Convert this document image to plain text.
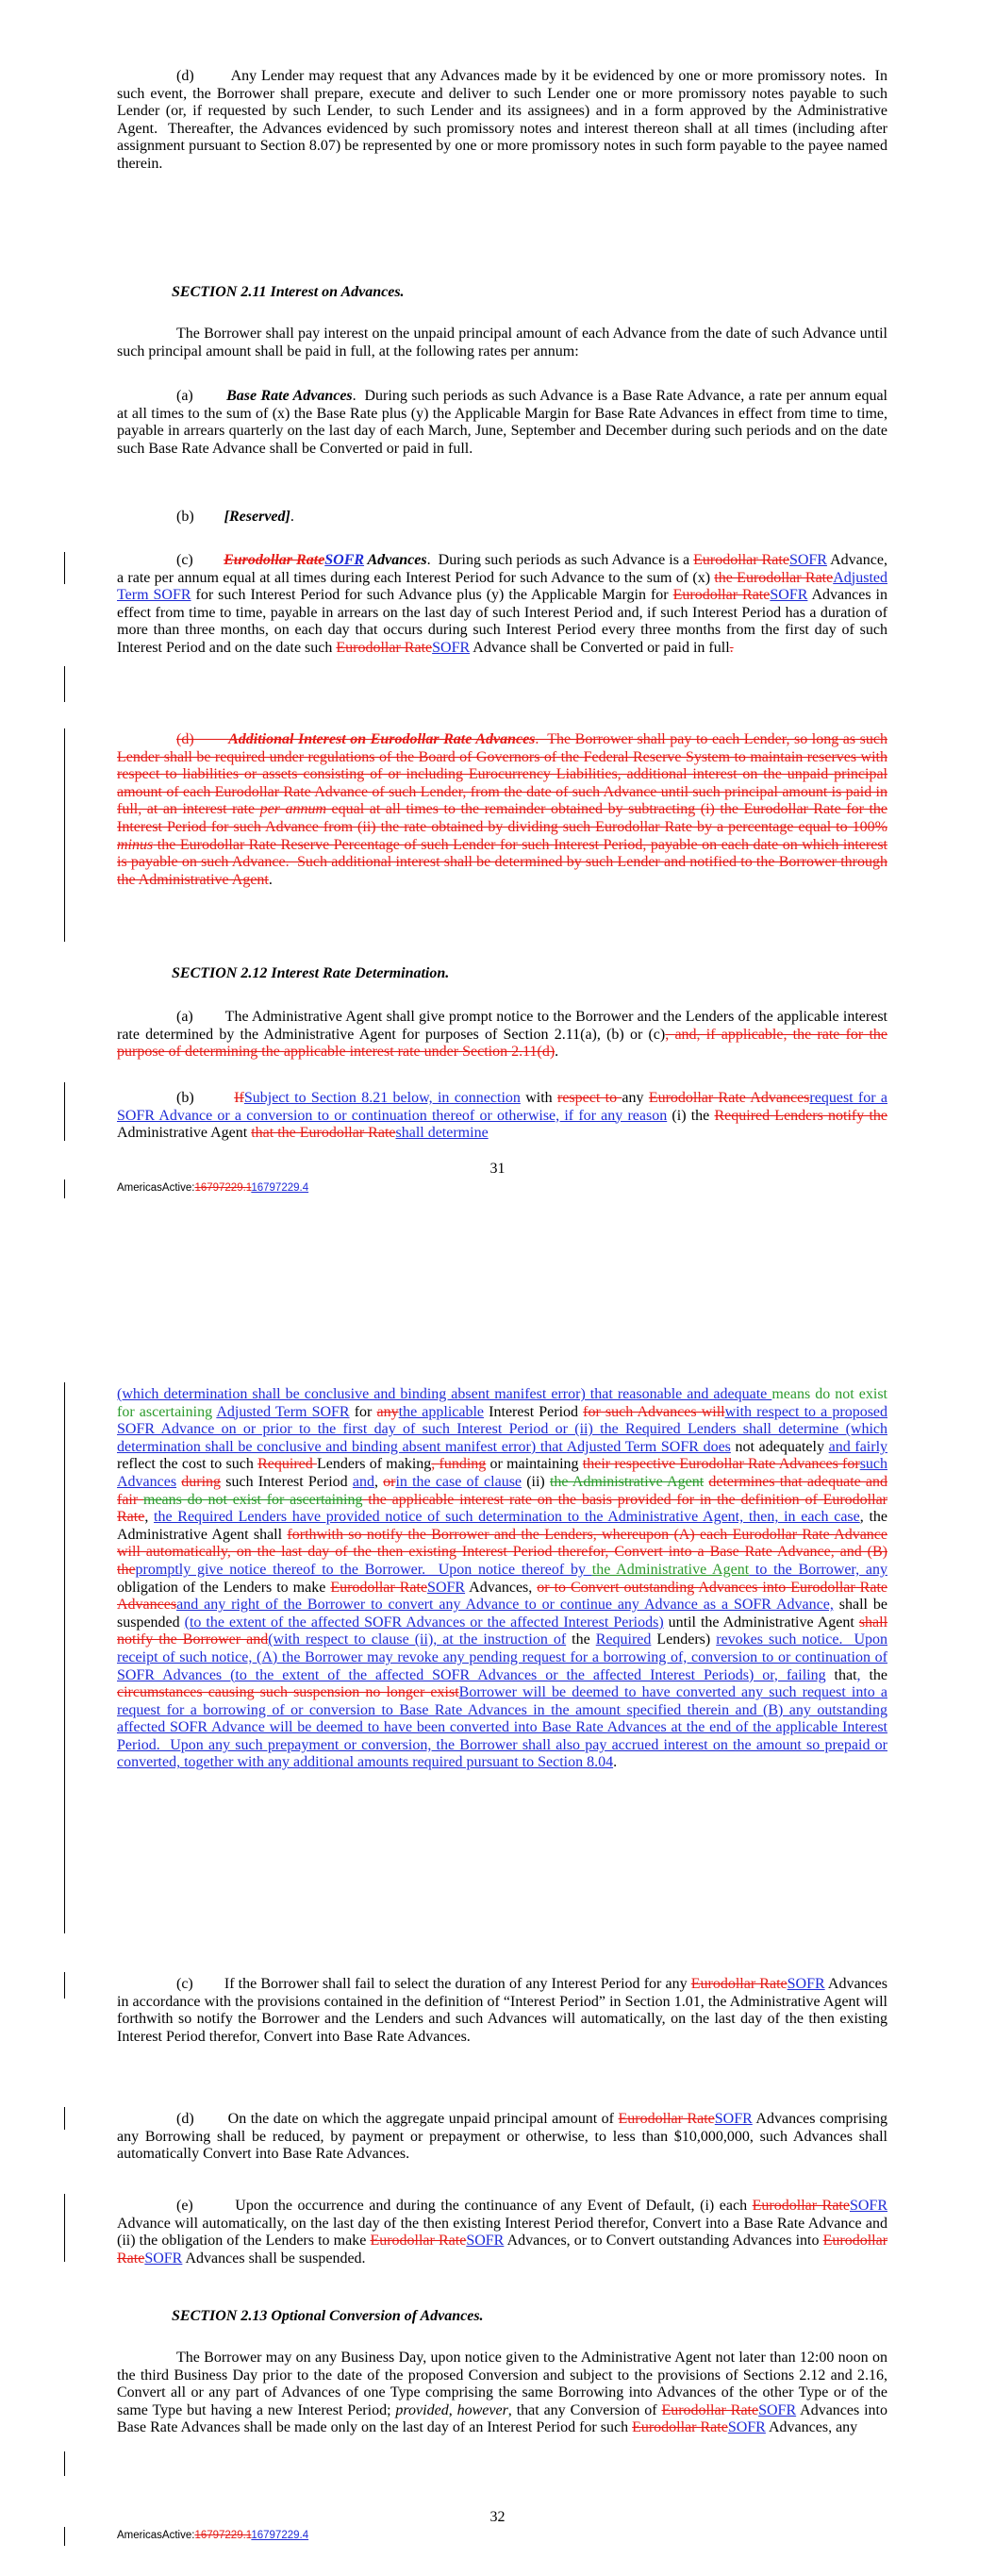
(d)        Any Lender may request that any Advances made by it be evidenced by one or more promissory notes.  In such event, the Borrower shall prepare, execute and deliver to such Lender one or more promissory notes payable to such Lender (or, if requested by such Lender, to such Lender and its assignees) and in a form approved by the Administrative Agent.  Thereafter, the Advances evidenced by such promissory notes and interest thereon shall at all times (including after assignment pursuant to Section 8.07) be represented by one or more promissory notes in such form payable to the payee named therein.

SECTION 2.11 Interest on Advances.

The Borrower shall pay interest on the unpaid principal amount of each Advance from the date of such Advance until such principal amount shall be paid in full, at the following rates per annum:

(a)        Base Rate Advances.  During such periods as such Advance is a Base Rate Advance, a rate per annum equal at all times to the sum of (x) the Base Rate plus (y) the Applicable Margin for Base Rate Advances in effect from time to time, payable in arrears quarterly on the last day of each March, June, September and December during such periods and on the date such Base Rate Advance shall be Converted or paid in full.

(b)        [Reserved].

(c)        Eurodollar RateSOFR Advances.  During such periods as such Advance is a Eurodollar RateSOFR Advance, a rate per annum equal at all times during each Interest Period for such Advance to the sum of (x) the Eurodollar RateAdjusted Term SOFR for such Interest Period for such Advance plus (y) the Applicable Margin for Eurodollar RateSOFR Advances in effect from time to time, payable in arrears on the last day of such Interest Period and, if such Interest Period has a duration of more than three months, on each day that occurs during such Interest Period every three months from the first day of such Interest Period and on the date such Eurodollar RateSOFR Advance shall be Converted or paid in full.

(d)        Additional Interest on Eurodollar Rate Advances.  The Borrower shall pay to each Lender, so long as such Lender shall be required under regulations of the Board of Governors of the Federal Reserve System to maintain reserves with respect to liabilities or assets consisting of or including Eurocurrency Liabilities, additional interest on the unpaid principal amount of each Eurodollar Rate Advance of such Lender, from the date of such Advance until such principal amount is paid in full, at an interest rate per annum equal at all times to the remainder obtained by subtracting (i) the Eurodollar Rate for the Interest Period for such Advance from (ii) the rate obtained by dividing such Eurodollar Rate by a percentage equal to 100% minus the Eurodollar Rate Reserve Percentage of such Lender for such Interest Period, payable on each date on which interest is payable on such Advance.  Such additional interest shall be determined by such Lender and notified to the Borrower through the Administrative Agent.

SECTION 2.12 Interest Rate Determination.

(a)        The Administrative Agent shall give prompt notice to the Borrower and the Lenders of the applicable interest rate determined by the Administrative Agent for purposes of Section 2.11(a), (b) or (c), and, if applicable, the rate for the purpose of determining the applicable interest rate under Section 2.11(d).

(b)        IfSubject to Section 8.21 below, in connection with respect to any Eurodollar Rate Advancesrequest for a SOFR Advance or a conversion to or continuation thereof or otherwise, if for any reason (i) the Required Lenders notify the Administrative Agent that the Eurodollar Rateshall determine

31
AmericasActive:16797229.116797229.4

(which determination shall be conclusive and binding absent manifest error) that reasonable and adequate means do not exist for ascertaining Adjusted Term SOFR for anythe applicable Interest Period for such Advances willwith respect to a proposed SOFR Advance on or prior to the first day of such Interest Period or (ii) the Required Lenders shall determine (which determination shall be conclusive and binding absent manifest error) that Adjusted Term SOFR does not adequately and fairly reflect the cost to such Required Lenders of making, funding or maintaining their respective Eurodollar Rate Advances forsuch Advances during such Interest Period and, orin the case of clause (ii) the Administrative Agent determines that adequate and fair means do not exist for ascertaining the applicable interest rate on the basis provided for in the definition of Eurodollar Rate, the Required Lenders have provided notice of such determination to the Administrative Agent, then, in each case, the Administrative Agent shall forthwith so notify the Borrower and the Lenders, whereupon (A) each Eurodollar Rate Advance will automatically, on the last day of the then existing Interest Period therefor, Convert into a Base Rate Advance, and (B) thepromptly give notice thereof to the Borrower.  Upon notice thereof by the Administrative Agent to the Borrower, any obligation of the Lenders to make Eurodollar RateSOFR Advances, or to Convert outstanding Advances into Eurodollar Rate Advancesand any right of the Borrower to convert any Advance to or continue any Advance as a SOFR Advance, shall be suspended (to the extent of the affected SOFR Advances or the affected Interest Periods) until the Administrative Agent shall notify the Borrower and(with respect to clause (ii), at the instruction of the Required Lenders) revokes such notice.  Upon receipt of such notice, (A) the Borrower may revoke any pending request for a borrowing of, conversion to or continuation of SOFR Advances (to the extent of the affected SOFR Advances or the affected Interest Periods) or, failing that, the circumstances causing such suspension no longer existBorrower will be deemed to have converted any such request into a request for a borrowing of or conversion to Base Rate Advances in the amount specified therein and (B) any outstanding affected SOFR Advance will be deemed to have been converted into Base Rate Advances at the end of the applicable Interest Period.  Upon any such prepayment or conversion, the Borrower shall also pay accrued interest on the amount so prepaid or converted, together with any additional amounts required pursuant to Section 8.04.

(c)        If the Borrower shall fail to select the duration of any Interest Period for any Eurodollar RateSOFR Advances in accordance with the provisions contained in the definition of “Interest Period” in Section 1.01, the Administrative Agent will forthwith so notify the Borrower and the Lenders and such Advances will automatically, on the last day of the then existing Interest Period therefor, Convert into Base Rate Advances.

(d)        On the date on which the aggregate unpaid principal amount of Eurodollar RateSOFR Advances comprising any Borrowing shall be reduced, by payment or prepayment or otherwise, to less than $10,000,000, such Advances shall automatically Convert into Base Rate Advances.

(e)        Upon the occurrence and during the continuance of any Event of Default, (i) each Eurodollar RateSOFR Advance will automatically, on the last day of the then existing Interest Period therefor, Convert into a Base Rate Advance and (ii) the obligation of the Lenders to make Eurodollar RateSOFR Advances, or to Convert outstanding Advances into Eurodollar RateSOFR Advances shall be suspended.

SECTION 2.13 Optional Conversion of Advances.

The Borrower may on any Business Day, upon notice given to the Administrative Agent not later than 12:00 noon on the third Business Day prior to the date of the proposed Conversion and subject to the provisions of Sections 2.12 and 2.16, Convert all or any part of Advances of one Type comprising the same Borrowing into Advances of the other Type or of the same Type but having a new Interest Period; provided, however, that any Conversion of Eurodollar RateSOFR Advances into Base Rate Advances shall be made only on the last day of an Interest Period for such Eurodollar RateSOFR Advances, any

32
AmericasActive:16797229.116797229.4
